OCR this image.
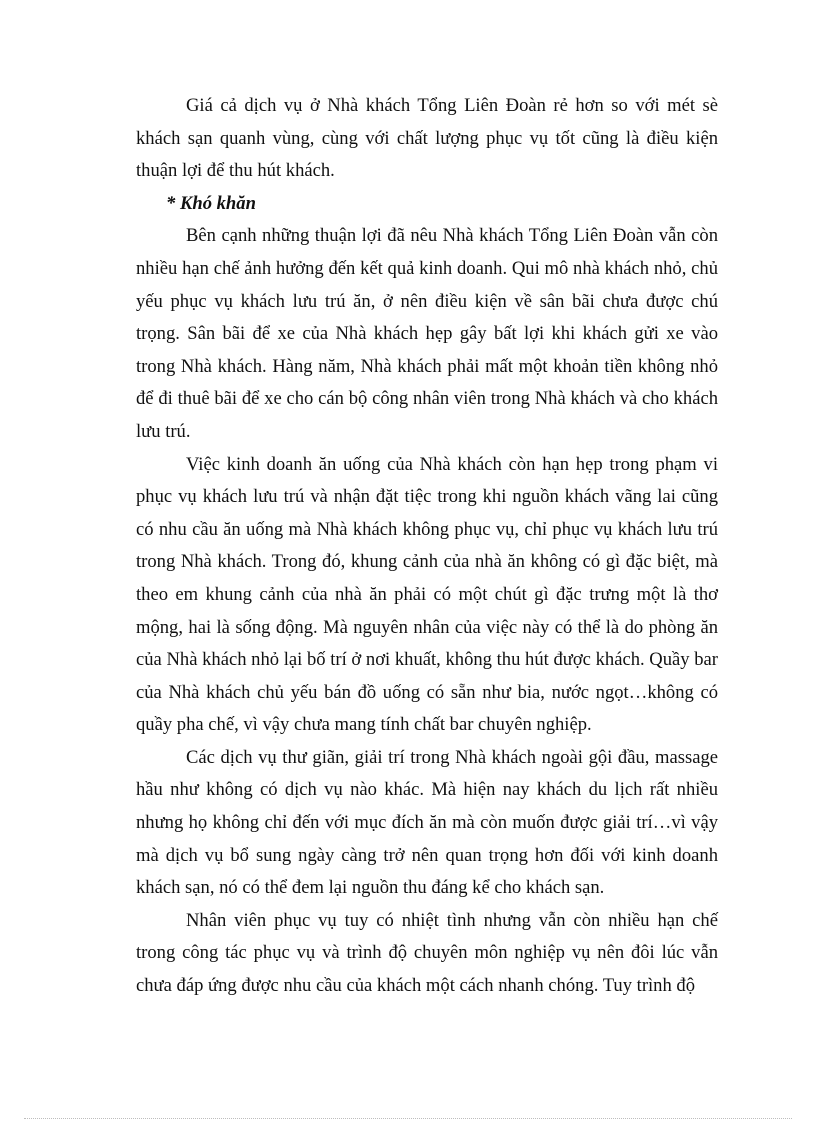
Giá cả dịch vụ ở Nhà khách Tổng Liên Đoàn rẻ hơn so với mét sè khách sạn quanh vùng, cùng với chất lượng phục vụ tốt cũng là điều kiện thuận lợi để thu hút khách.

* Khó khăn

Bên cạnh những thuận lợi đã nêu Nhà khách Tổng Liên Đoàn vẫn còn nhiều hạn chế ảnh hưởng đến kết quả kinh doanh. Qui mô nhà khách nhỏ, chủ yếu phục vụ khách lưu trú ăn, ở nên điều kiện về sân bãi chưa được chú trọng. Sân bãi để xe của Nhà khách hẹp gây bất lợi khi khách gửi xe vào trong Nhà khách. Hàng năm, Nhà khách phải mất một khoản tiền không nhỏ để đi thuê bãi để xe cho cán bộ công nhân viên trong Nhà khách và cho khách lưu trú.

Việc kinh doanh ăn uống của Nhà khách còn hạn hẹp trong phạm vi phục vụ khách lưu trú và nhận đặt tiệc trong khi nguồn khách vãng lai cũng có nhu cầu ăn uống mà Nhà khách không phục vụ, chỉ phục vụ khách lưu trú trong Nhà khách. Trong đó, khung cảnh của nhà ăn không có gì đặc biệt, mà theo em khung cảnh của nhà ăn phải có một chút gì đặc trưng một là thơ mộng, hai là sống động. Mà nguyên nhân của việc này có thể là do phòng ăn của Nhà khách nhỏ lại bố trí ở nơi khuất, không thu hút được khách. Quầy bar của Nhà khách chủ yếu bán đồ uống có sẵn như bia, nước ngọt…không có quầy pha chế, vì vậy chưa mang tính chất bar chuyên nghiệp.

Các dịch vụ thư giãn, giải trí trong Nhà khách ngoài gội đầu, massage hầu như không có dịch vụ nào khác. Mà hiện nay khách du lịch rất nhiều nhưng họ không chỉ đến với mục đích ăn mà còn muốn được giải trí…vì vậy mà dịch vụ bổ sung ngày càng trở nên quan trọng hơn đối với kinh doanh khách sạn, nó có thể đem lại nguồn thu đáng kể cho khách sạn.

Nhân viên phục vụ tuy có nhiệt tình nhưng vẫn còn nhiều hạn chế trong công tác phục vụ và trình độ chuyên môn nghiệp vụ nên đôi lúc vẫn chưa đáp ứng được nhu cầu của khách một cách nhanh chóng. Tuy trình độ
